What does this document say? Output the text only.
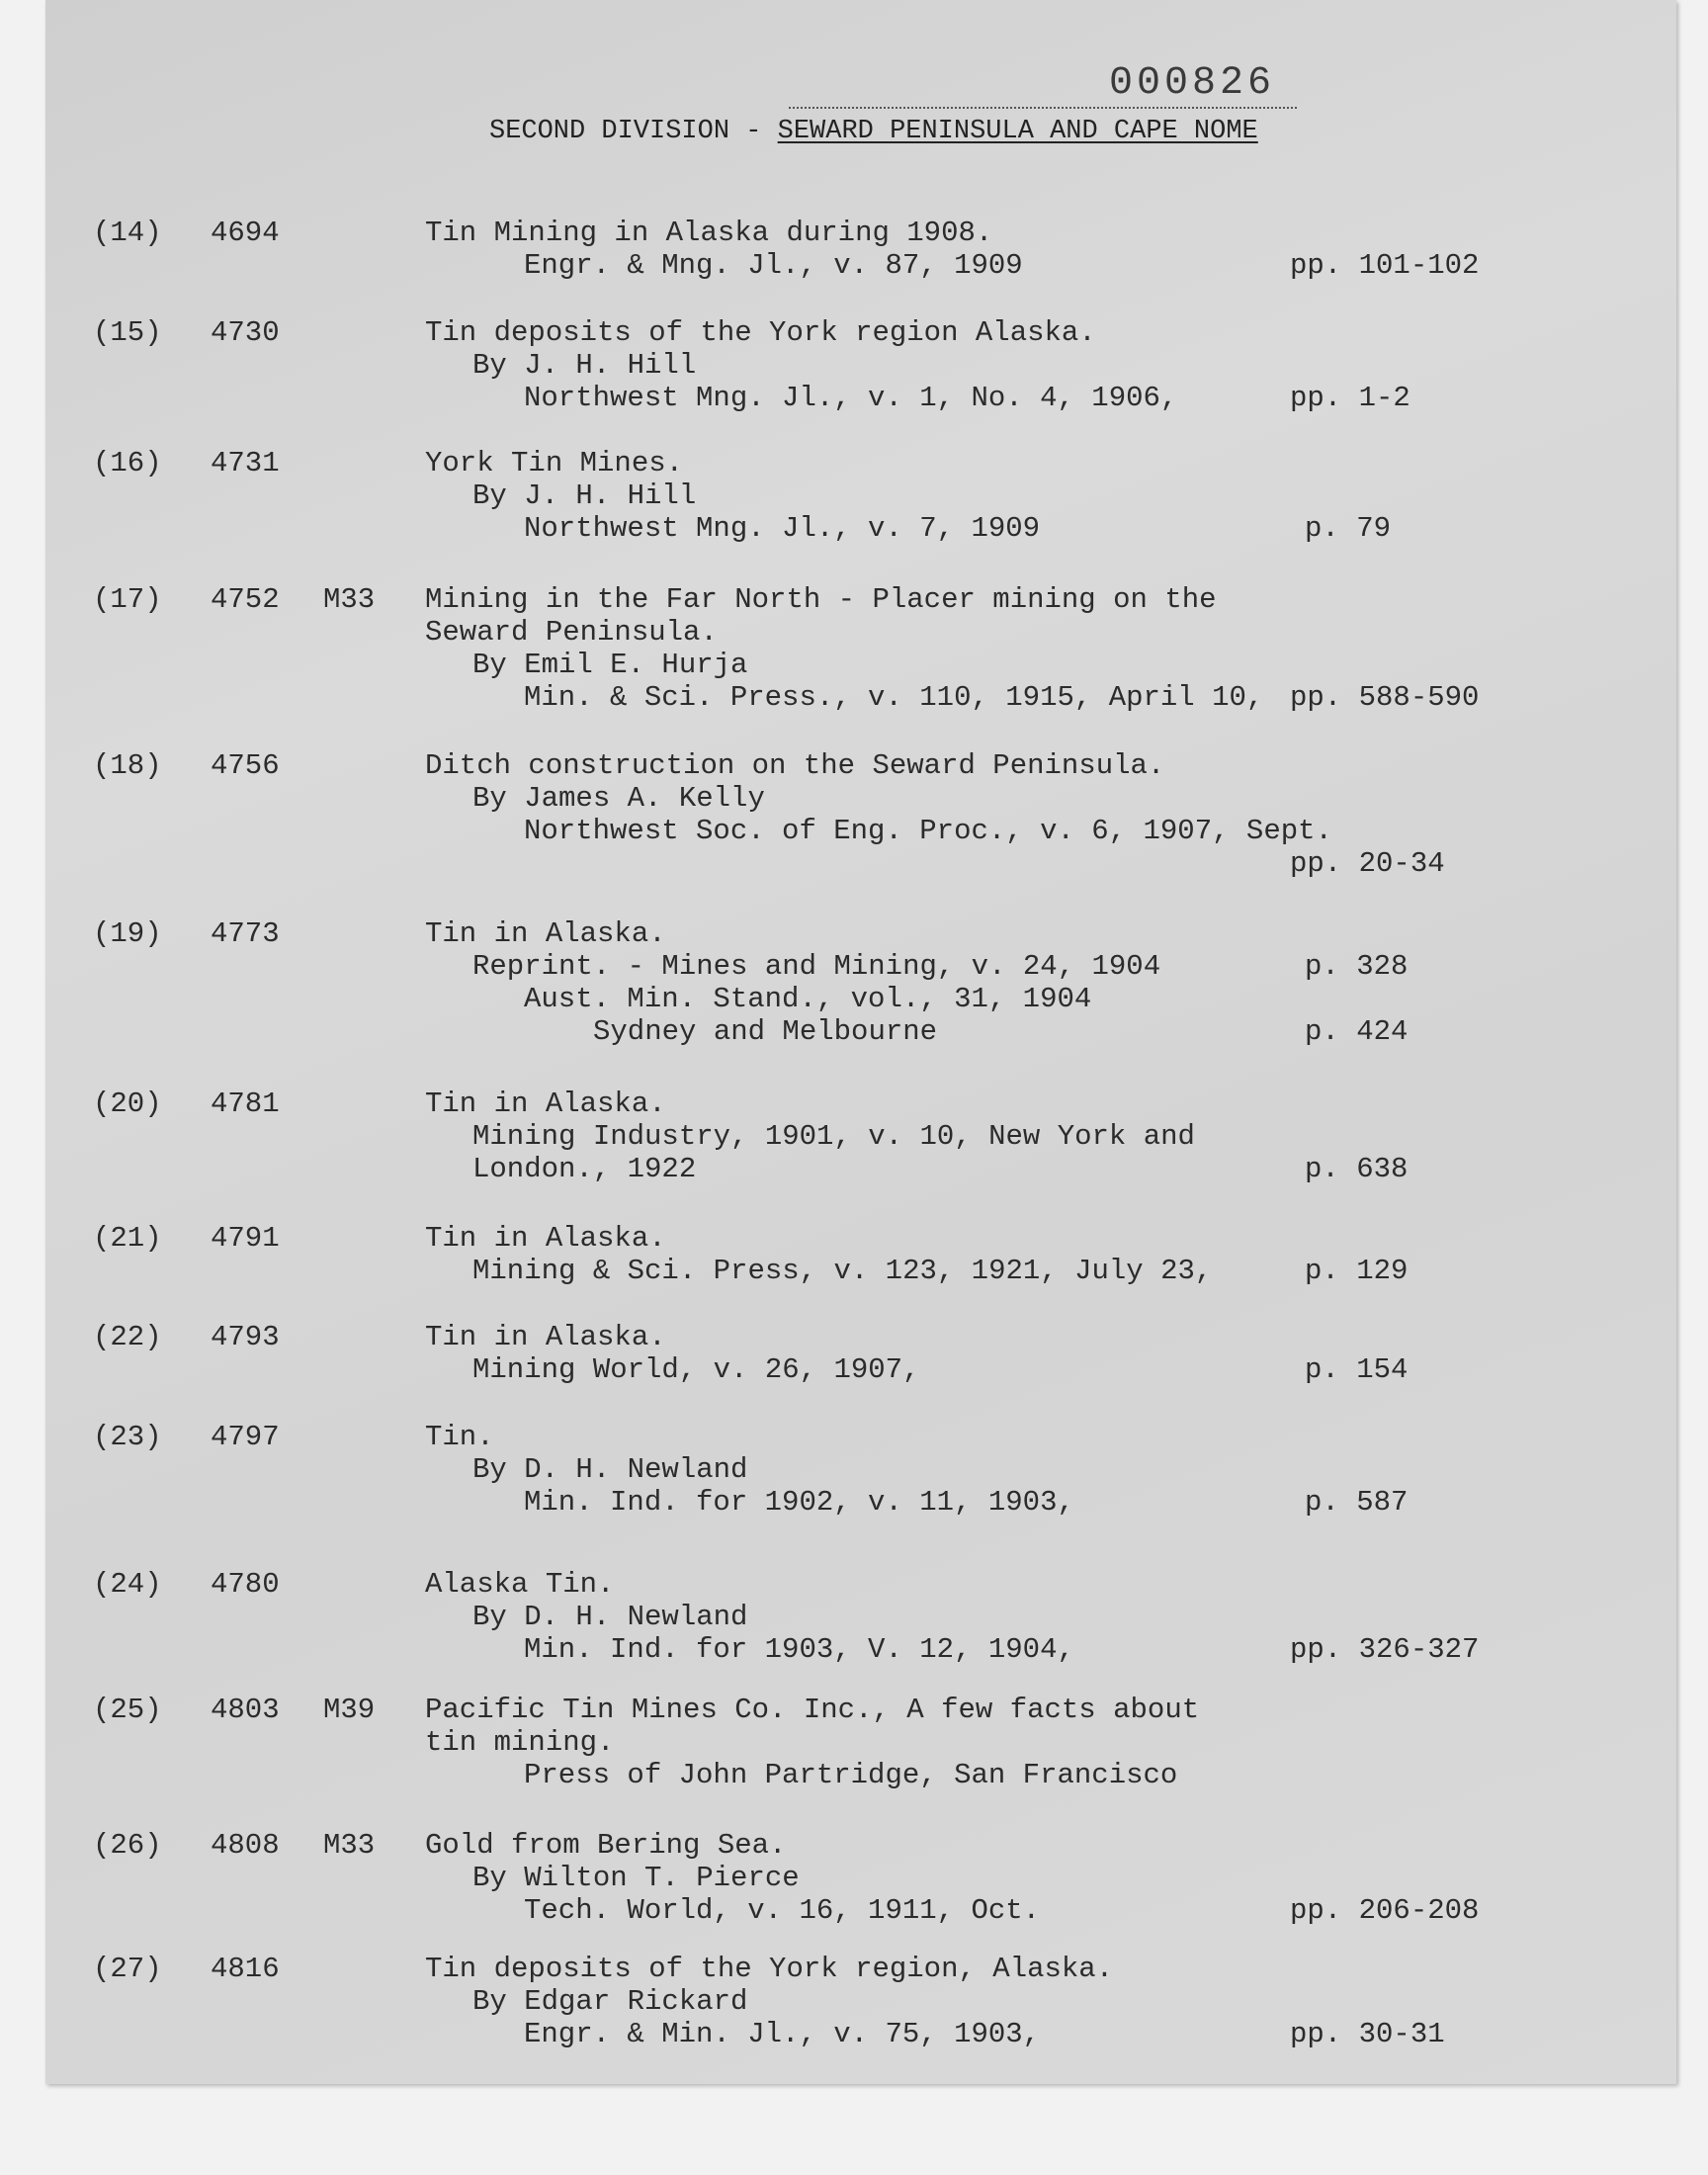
000826
SECOND DIVISION - SEWARD PENINSULA AND CAPE NOME
(14) 4694	Tin Mining in Alaska during 1908.
Engr. & Mng. Jl., v. 87, 1909	pp. 101-102
(15) 4730	Tin deposits of the York region Alaska.
By J. H. Hill
Northwest Mng. Jl., v. 1, No. 4, 1906,	pp. 1-2
(16) 4731	York Tin Mines.
By J. H. Hill
Northwest Mng. Jl., v. 7, 1909	p. 79
(17) 4752 M33 Mining in the Far North - Placer mining on the
Seward Peninsula.
By Emil E. Hurja
Min. & Sci. Press., v. 110, 1915, April 10, pp. 588-590
(18) 4756	Ditch construction on the Seward Peninsula.
By James A. Kelly
Northwest Soc. of Eng. Proc., v. 6, 1907, Sept.
pp. 20-34
(19) 4773	Tin in Alaska.
Reprint. - Mines and Mining, v. 24, 1904	p. 328
Aust. Min. Stand., vol., 31, 1904
Sydney and Melbourne	p. 424
(20) 4781	Tin in Alaska.
Mining Industry, 1901, v. 10, New York and
London., 1922	p. 638
(21) 4791	Tin in Alaska.
Mining & Sci. Press, v. 123, 1921, July 23,	p. 129
(22) 4793	Tin in Alaska.
Mining World, v. 26, 1907,	p. 154
(23) 4797	Tin.
By D. H. Newland
Min. Ind. for 1902, v. 11, 1903,	p. 587
(24) 4780	Alaska Tin.
By D. H. Newland
Min. Ind. for 1903, V. 12, 1904,	pp. 326-327
(25) 4803 M39 Pacific Tin Mines Co. Inc., A few facts about
tin mining.
Press of John Partridge, San Francisco
(26) 4808 M33 Gold from Bering Sea.
By Wilton T. Pierce
Tech. World, v. 16, 1911, Oct.	pp. 206-208
(27) 4816	Tin deposits of the York region, Alaska.
By Edgar Rickard
Engr. & Min. Jl., v. 75, 1903,	pp. 30-31
